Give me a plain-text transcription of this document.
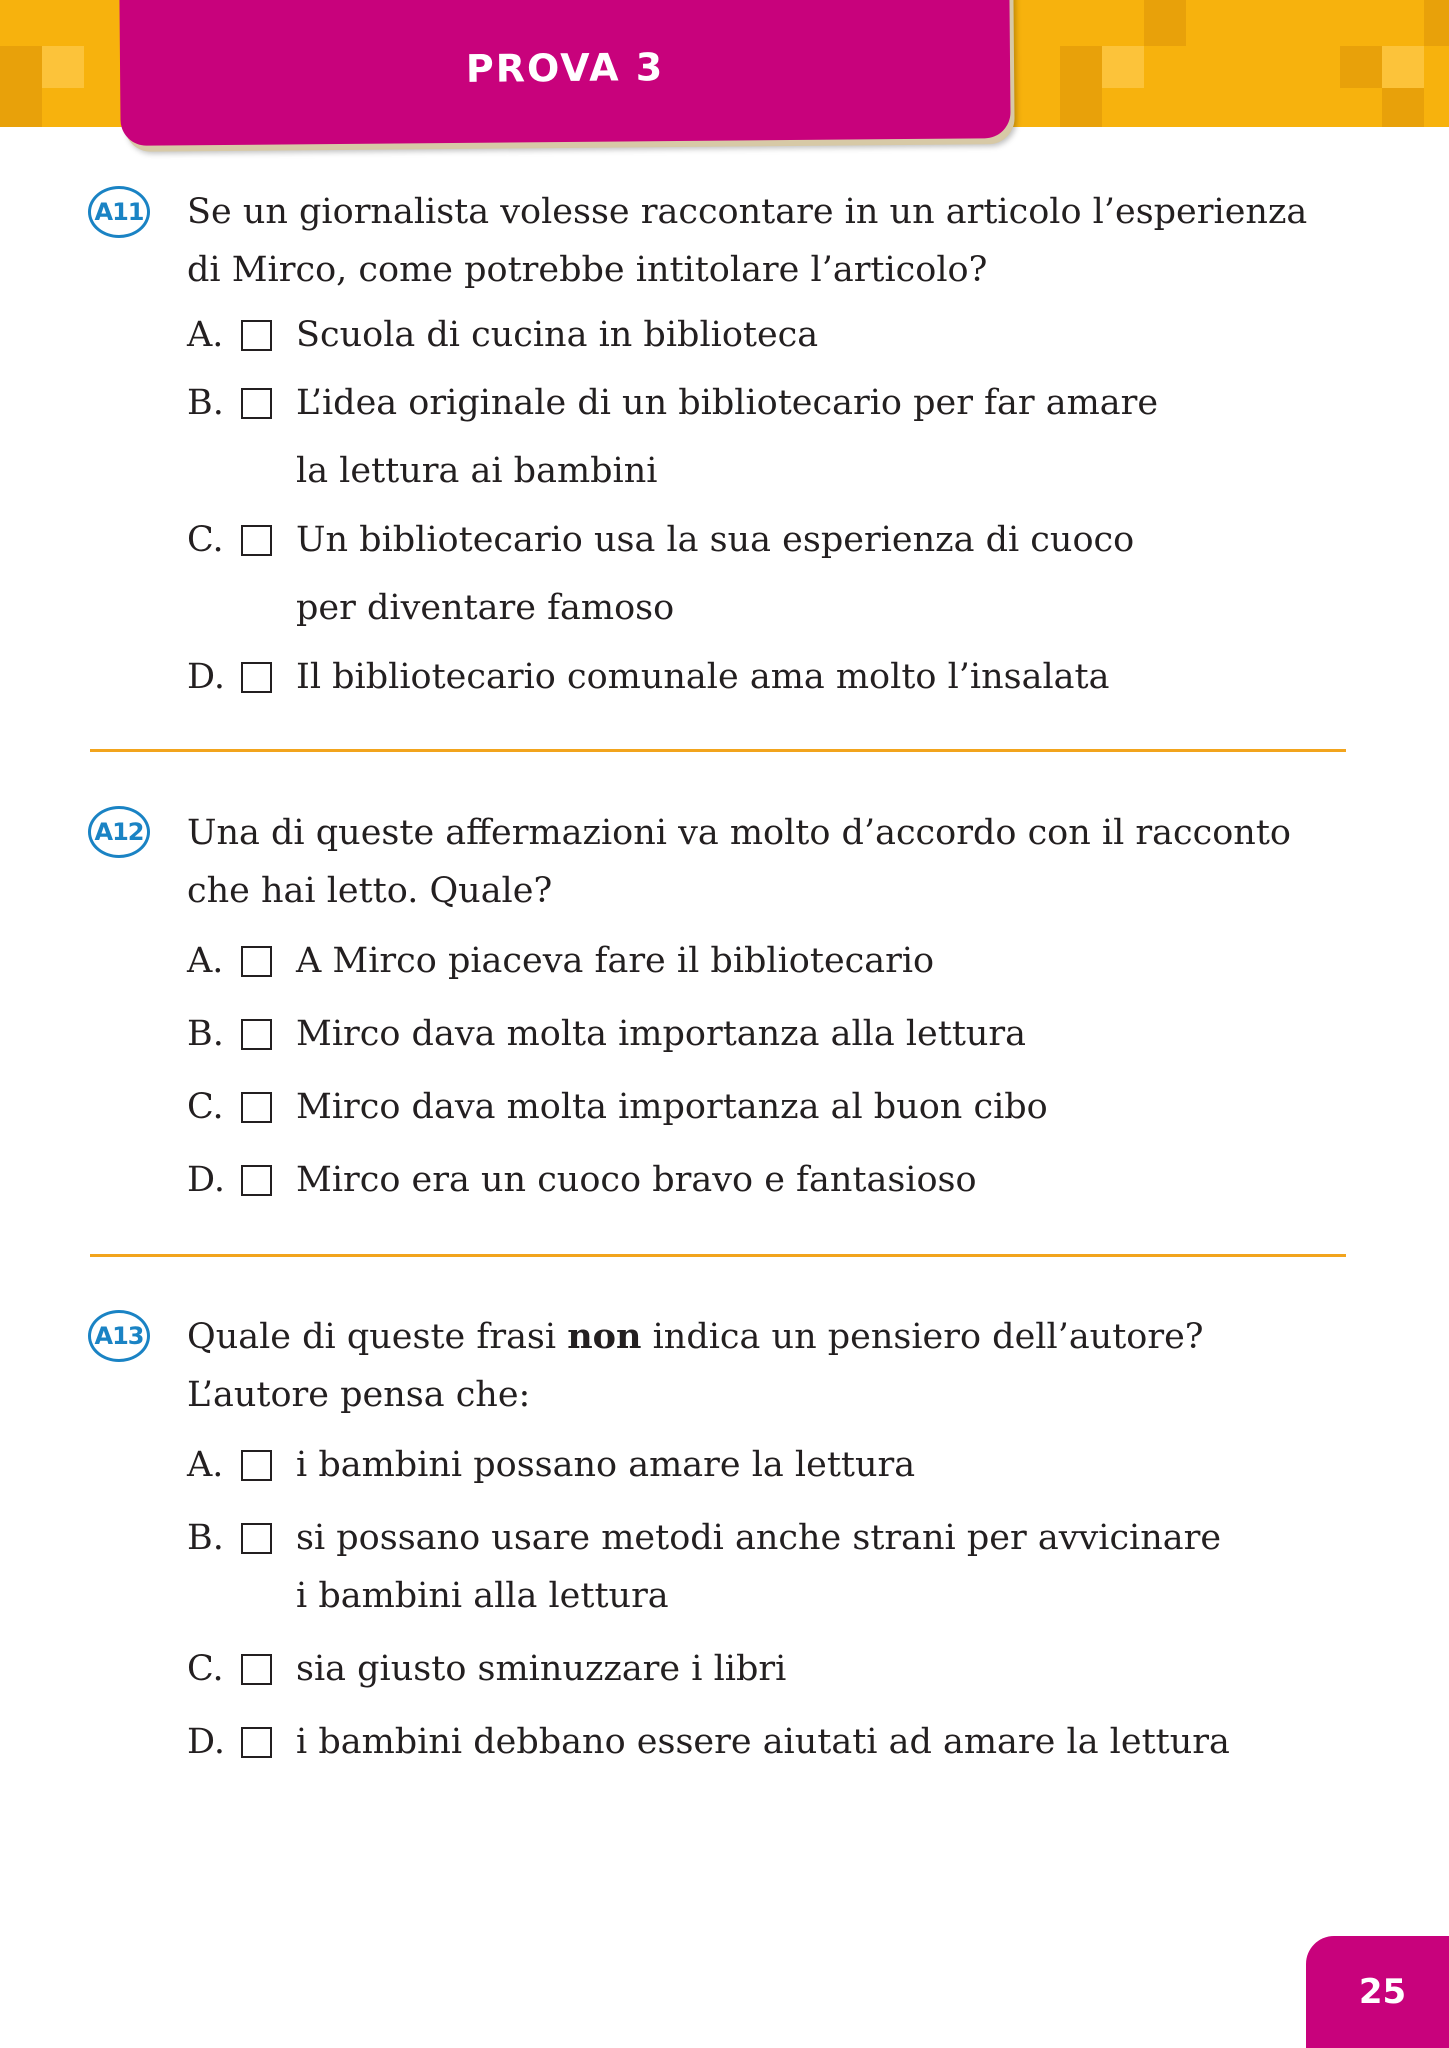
PROVA 3
A11 Se un giornalista volesse raccontare in un articolo l’esperienza

di Mirco, come potrebbe intitolare l’articolo?

A. Scuola di cucina in biblioteca

B. L’idea originale di un bibliotecario per far amare

la lettura ai bambini

C. Un bibliotecario usa la sua esperienza di cuoco

per diventare famoso

D. Il bibliotecario comunale ama molto l’insalata

A12 Una di queste affermazioni va molto d’accordo con il racconto

che hai letto. Quale?

A. A Mirco piaceva fare il bibliotecario

B. Mirco dava molta importanza alla lettura

C. Mirco dava molta importanza al buon cibo

D. Mirco era un cuoco bravo e fantasioso

A13 Quale di queste frasi non indica un pensiero dell’autore?

L’autore pensa che:

A. i bambini possano amare la lettura

B. si possano usare metodi anche strani per avvicinare

i bambini alla lettura

C. sia giusto sminuzzare i libri

D. i bambini debbano essere aiutati ad amare la lettura

25
